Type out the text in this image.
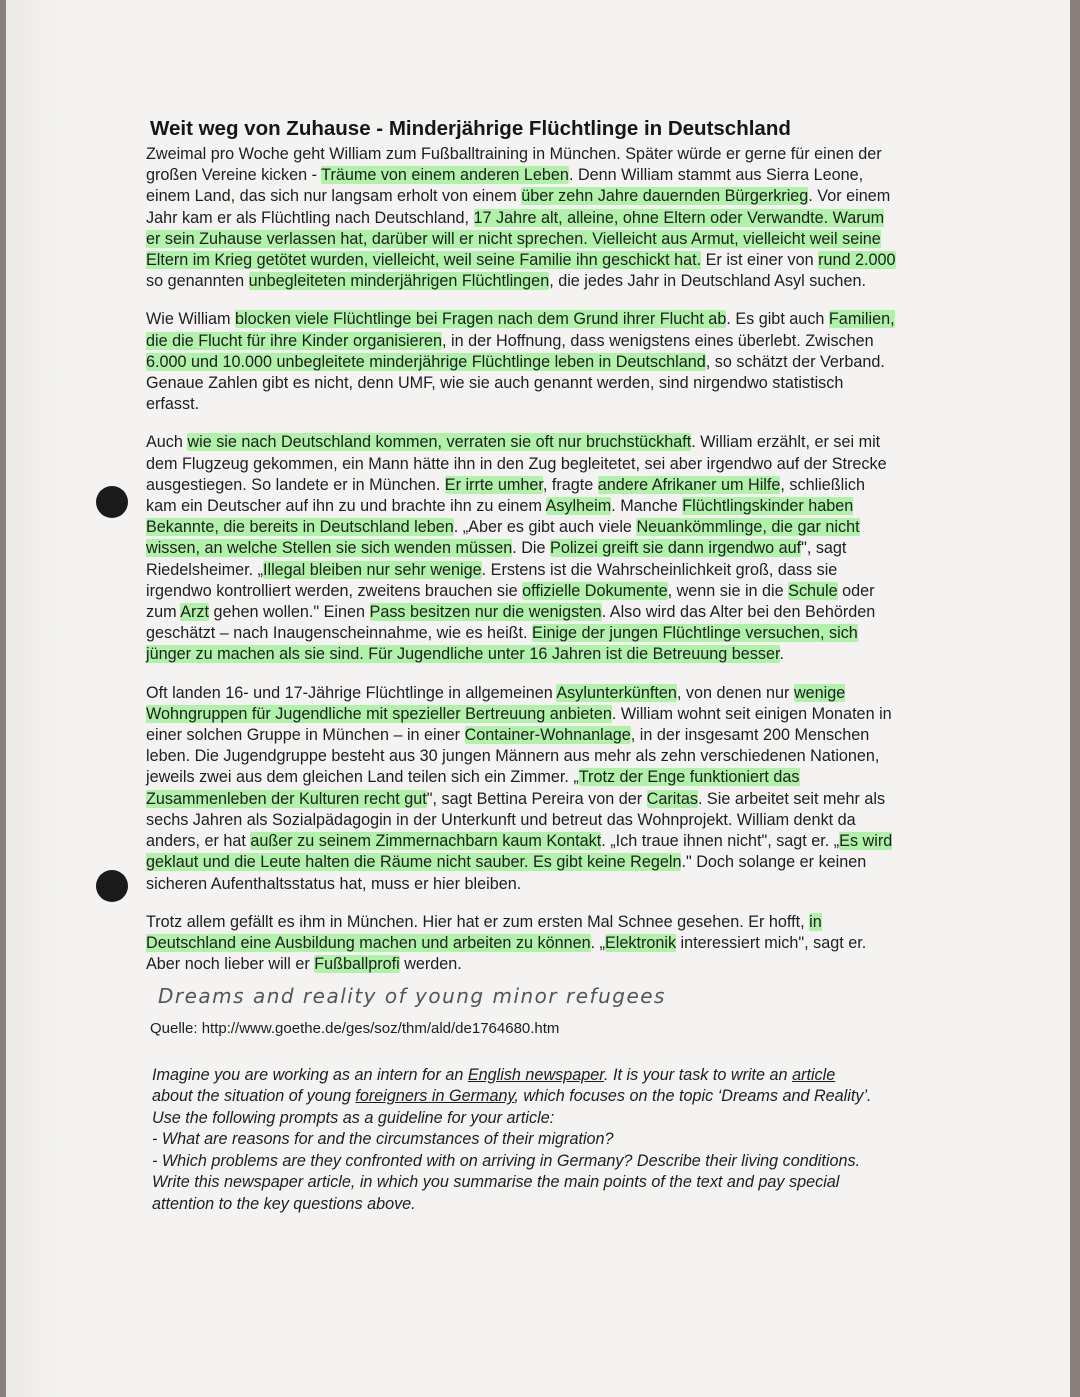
Weit weg von Zuhause - Minderjährige Flüchtlinge in Deutschland

Zweimal pro Woche geht William zum Fußballtraining in München. Später würde er gerne für einen der großen Vereine kicken - Träume von einem anderen Leben. Denn William stammt aus Sierra Leone, einem Land, das sich nur langsam erholt von einem über zehn Jahre dauernden Bürgerkrieg. Vor einem Jahr kam er als Flüchtling nach Deutschland, 17 Jahre alt, alleine, ohne Eltern oder Verwandte. Warum er sein Zuhause verlassen hat, darüber will er nicht sprechen. Vielleicht aus Armut, vielleicht weil seine Eltern im Krieg getötet wurden, vielleicht, weil seine Familie ihn geschickt hat. Er ist einer von rund 2.000 so genannten unbegleiteten minderjährigen Flüchtlingen, die jedes Jahr in Deutschland Asyl suchen.

Wie William blocken viele Flüchtlinge bei Fragen nach dem Grund ihrer Flucht ab. Es gibt auch Familien, die die Flucht für ihre Kinder organisieren, in der Hoffnung, dass wenigstens eines überlebt. Zwischen 6.000 und 10.000 unbegleitete minderjährige Flüchtlinge leben in Deutschland, so schätzt der Verband. Genaue Zahlen gibt es nicht, denn UMF, wie sie auch genannt werden, sind nirgendwo statistisch erfasst.

Auch wie sie nach Deutschland kommen, verraten sie oft nur bruchstückhaft. William erzählt, er sei mit dem Flugzeug gekommen, ein Mann hätte ihn in den Zug begleitetet, sei aber irgendwo auf der Strecke ausgestiegen. So landete er in München. Er irrte umher, fragte andere Afrikaner um Hilfe, schließlich kam ein Deutscher auf ihn zu und brachte ihn zu einem Asylheim. Manche Flüchtlingskinder haben Bekannte, die bereits in Deutschland leben. „Aber es gibt auch viele Neuankömmlinge, die gar nicht wissen, an welche Stellen sie sich wenden müssen. Die Polizei greift sie dann irgendwo auf", sagt Riedelsheimer. „Illegal bleiben nur sehr wenige. Erstens ist die Wahrscheinlichkeit groß, dass sie irgendwo kontrolliert werden, zweitens brauchen sie offizielle Dokumente, wenn sie in die Schule oder zum Arzt gehen wollen." Einen Pass besitzen nur die wenigsten. Also wird das Alter bei den Behörden geschätzt – nach Inaugenscheinnahme, wie es heißt. Einige der jungen Flüchtlinge versuchen, sich jünger zu machen als sie sind. Für Jugendliche unter 16 Jahren ist die Betreuung besser.

Oft landen 16- und 17-Jährige Flüchtlinge in allgemeinen Asylunterkünften, von denen nur wenige Wohngruppen für Jugendliche mit spezieller Bertreuung anbieten. William wohnt seit einigen Monaten in einer solchen Gruppe in München – in einer Container-Wohnanlage, in der insgesamt 200 Menschen leben. Die Jugendgruppe besteht aus 30 jungen Männern aus mehr als zehn verschiedenen Nationen, jeweils zwei aus dem gleichen Land teilen sich ein Zimmer. „Trotz der Enge funktioniert das Zusammenleben der Kulturen recht gut", sagt Bettina Pereira von der Caritas. Sie arbeitet seit mehr als sechs Jahren als Sozialpädagogin in der Unterkunft und betreut das Wohnprojekt. William denkt da anders, er hat außer zu seinem Zimmernachbarn kaum Kontakt. „Ich traue ihnen nicht", sagt er. „Es wird geklaut und die Leute halten die Räume nicht sauber. Es gibt keine Regeln." Doch solange er keinen sicheren Aufenthaltsstatus hat, muss er hier bleiben.

Trotz allem gefällt es ihm in München. Hier hat er zum ersten Mal Schnee gesehen. Er hofft, in Deutschland eine Ausbildung machen und arbeiten zu können. „Elektronik interessiert mich", sagt er. Aber noch lieber will er Fußballprofi werden.

Dreams and reality of young minor refugees
Quelle: http://www.goethe.de/ges/soz/thm/ald/de1764680.htm

Imagine you are working as an intern for an English newspaper. It is your task to write an article about the situation of young foreigners in Germany, which focuses on the topic ‘Dreams and Reality’.

Use the following prompts as a guideline for your article:

- What are reasons for and the circumstances of their migration?

- Which problems are they confronted with on arriving in Germany? Describe their living conditions.

Write this newspaper article, in which you summarise the main points of the text and pay special attention to the key questions above.
